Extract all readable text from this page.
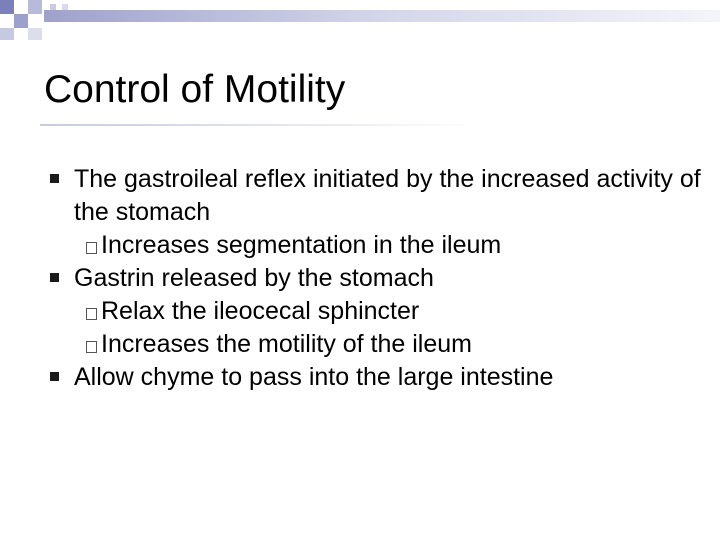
Control of Motility
The gastroileal reflex initiated by the increased activity of the stomach
Increases segmentation in the ileum
Gastrin released by the stomach
Relax the ileocecal sphincter
Increases the motility of the ileum
Allow chyme to pass into the large intestine
